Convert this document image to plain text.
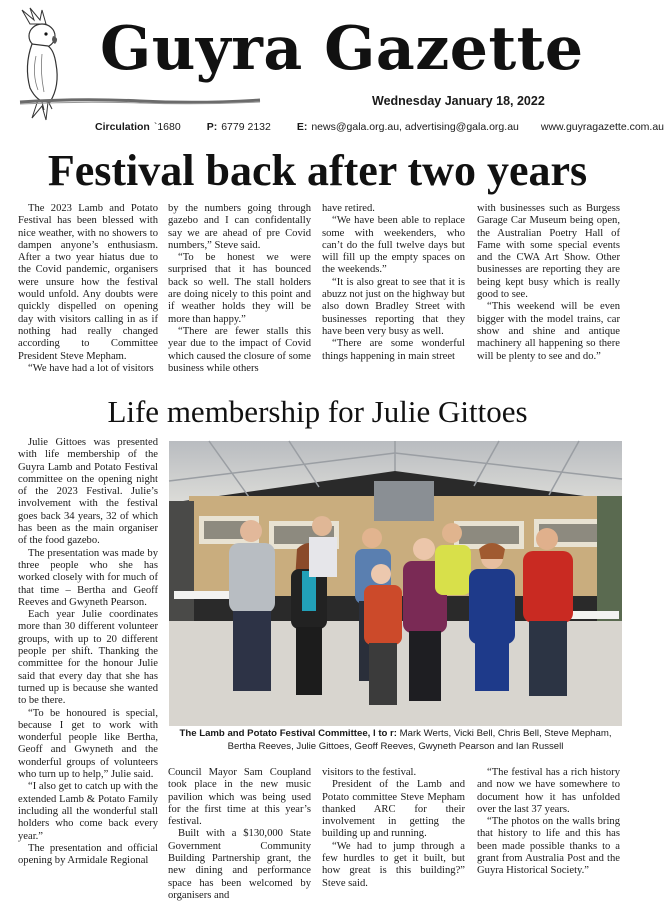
Guyra Gazette
Wednesday January 18, 2022
Circulation `1680 P: 6779 2132 E: news@gala.org.au, advertising@gala.org.au www.guyragazette.com.au
Festival back after two years

The 2023 Lamb and Potato Festival has been blessed with nice weather, with no showers to dampen anyone’s enthusiasm. After a two year hiatus due to the Covid pandemic, organisers were unsure how the festival would unfold. Any doubts were quickly dispelled on opening day with visitors calling in as if nothing had really changed according to Committee President Steve Mepham.

“We have had a lot of visitors

by the numbers going through gazebo and I can confidentally say we are ahead of pre Covid numbers,” Steve said.

“To be honest we were surprised that it has bounced back so well. The stall holders are doing nicely to this point and if weather holds they will be more than happy.”

“There are fewer stalls this year due to the impact of Covid which caused the closure of some business while others

have retired.

“We have been able to replace some with weekenders, who can’t do the full twelve days but will fill up the empty spaces on the weekends.”

“It is also great to see that it is abuzz not just on the highway but also down Bradley Street with businesses reporting that they have been very busy as well.

“There are some wonderful things happening in main street

with businesses such as Burgess Garage Car Museum being open, the Australian Poetry Hall of Fame with some special events and the CWA Art Show. Other businesses are reporting they are being kept busy which is really good to see.

“This weekend will be even bigger with the model trains, car show and shine and antique machinery all happening so there will be plenty to see and do.”

Life membership for Julie Gittoes

Julie Gittoes was presented with life membership of the Guyra Lamb and Potato Festival committee on the opening night of the 2023 Festival. Julie’s involvement with the festival goes back 34 years, 32 of which has been as the main organiser of the food gazebo.

The presentation was made by three people who she has worked closely with for much of that time – Bertha and Geoff Reeves and Gwyneth Pearson.

Each year Julie coordinates more than 30 different volunteer groups, with up to 20 different people per shift. Thanking the committee for the honour Julie said that every day that she has turned up is because she wanted to be there.

“To be honoured is special, because I get to work with wonderful people like Bertha, Geoff and Gwyneth and the wonderful groups of volunteers who turn up to help,” Julie said.

“I also get to catch up with the extended Lamb & Potato Family including all the wonderful stall holders who come back every year.”

The presentation and official opening by Armidale Regional

The Lamb and Potato Festival Committee, l to r: Mark Werts, Vicki Bell, Chris Bell, Steve Mepham, Bertha Reeves, Julie Gittoes, Geoff Reeves, Gwyneth Pearson and Ian Russell

Council Mayor Sam Coupland took place in the new music pavilion which was being used for the first time at this year’s festival.

Built with a $130,000 State Government Community Building Partnership grant, the new dining and performance space has been welcomed by organisers and

visitors to the festival.

President of the Lamb and Potato committee Steve Mepham thanked ARC for their involvement in getting the building up and running.

“We had to jump through a few hurdles to get it built, but how great is this building?” Steve said.

“The festival has a rich history and now we have somewhere to document how it has unfolded over the last 37 years.

“The photos on the walls bring that history to life and this has been made possible thanks to a grant from Australia Post and the Guyra Historical Society.”
